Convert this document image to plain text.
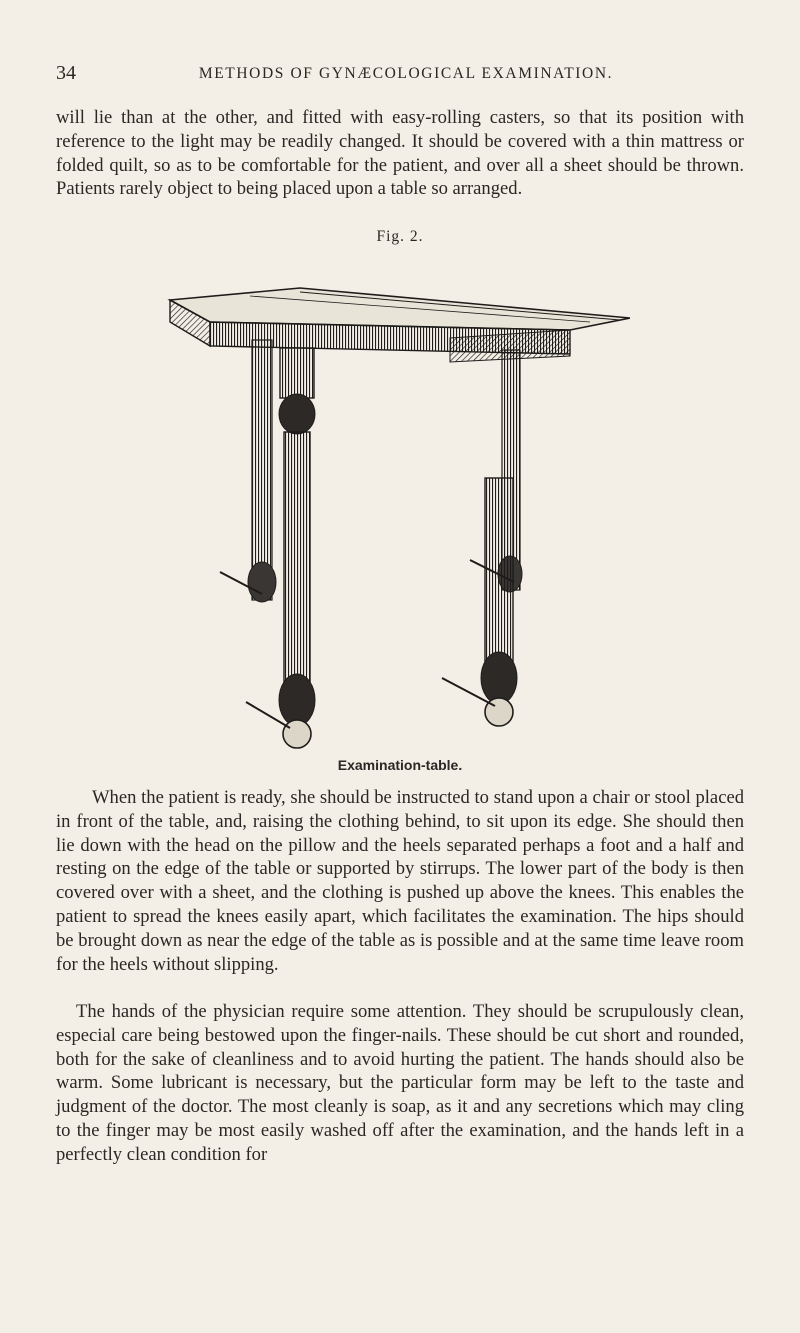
34	METHODS OF GYNÆCOLOGICAL EXAMINATION.

will lie than at the other, and fitted with easy-rolling casters, so that its position with reference to the light may be readily changed. It should be covered with a thin mattress or folded quilt, so as to be comfortable for the patient, and over all a sheet should be thrown. Patients rarely object to being placed upon a table so arranged.

Fig. 2.
Examination-table.

When the patient is ready, she should be instructed to stand upon a chair or stool placed in front of the table, and, raising the clothing behind, to sit upon its edge. She should then lie down with the head on the pillow and the heels separated perhaps a foot and a half and resting on the edge of the table or supported by stirrups. The lower part of the body is then covered over with a sheet, and the clothing is pushed up above the knees. This enables the patient to spread the knees easily apart, which facilitates the examination. The hips should be brought down as near the edge of the table as is possible and at the same time leave room for the heels without slipping.

The hands of the physician require some attention. They should be scrupulously clean, especial care being bestowed upon the finger-nails. These should be cut short and rounded, both for the sake of cleanliness and to avoid hurting the patient. The hands should also be warm. Some lubricant is necessary, but the particular form may be left to the taste and judgment of the doctor. The most cleanly is soap, as it and any secretions which may cling to the finger may be most easily washed off after the examination, and the hands left in a perfectly clean condition for
